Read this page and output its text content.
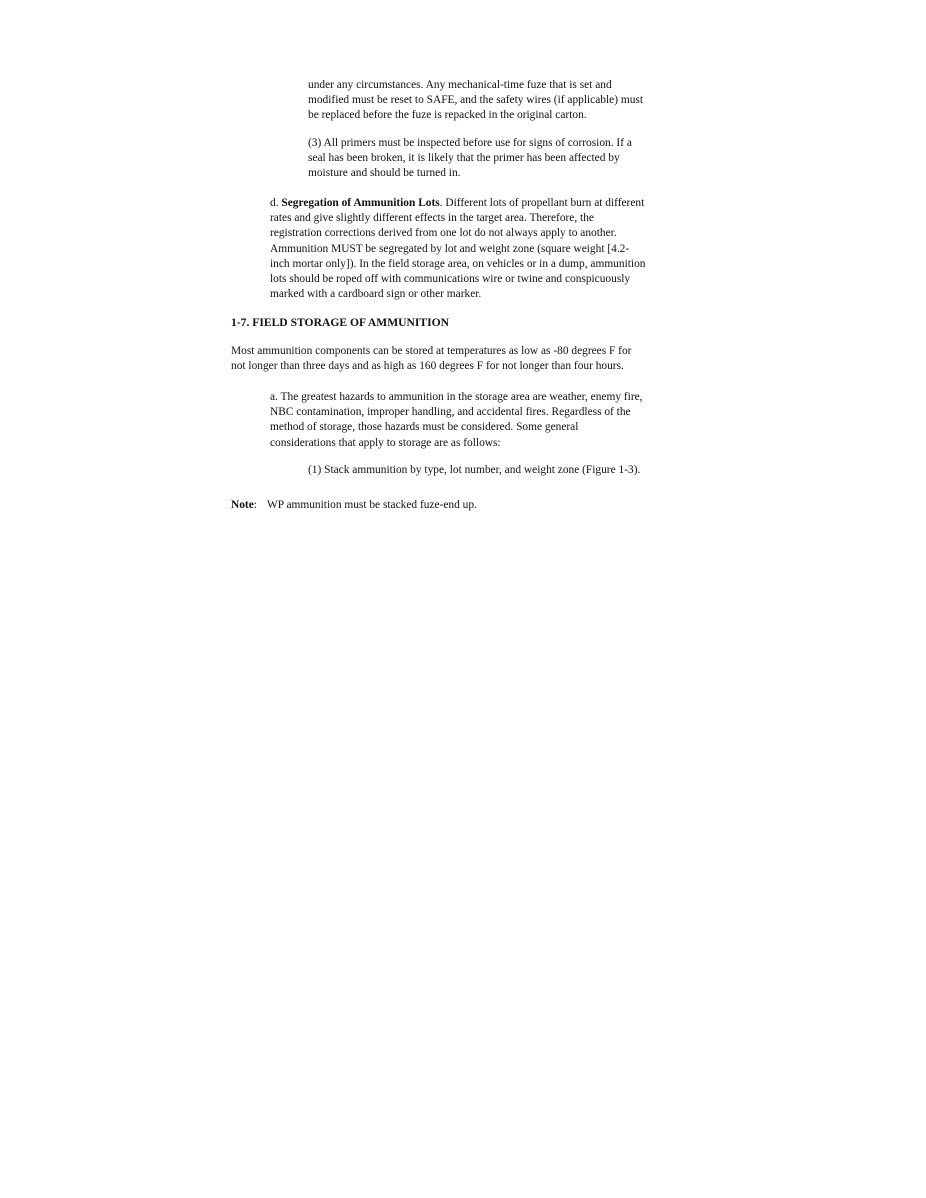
under any circumstances. Any mechanical-time fuze that is set and
modified must be reset to SAFE, and the safety wires (if applicable) must
be replaced before the fuze is repacked in the original carton.
(3) All primers must be inspected before use for signs of corrosion. If a
seal has been broken, it is likely that the primer has been affected by
moisture and should be turned in.
d. Segregation of Ammunition Lots. Different lots of propellant burn at different
rates and give slightly different effects in the target area. Therefore, the
registration corrections derived from one lot do not always apply to another.
Ammunition MUST be segregated by lot and weight zone (square weight [4.2-
inch mortar only]). In the field storage area, on vehicles or in a dump, ammunition
lots should be roped off with communications wire or twine and conspicuously
marked with a cardboard sign or other marker.
1-7. FIELD STORAGE OF AMMUNITION
Most ammunition components can be stored at temperatures as low as -80 degrees F for
not longer than three days and as high as 160 degrees F for not longer than four hours.
a. The greatest hazards to ammunition in the storage area are weather, enemy fire,
NBC contamination, improper handling, and accidental fires. Regardless of the
method of storage, those hazards must be considered. Some general
considerations that apply to storage are as follows:
(1) Stack ammunition by type, lot number, and weight zone (Figure 1-3).
Note: WP ammunition must be stacked fuze-end up.
